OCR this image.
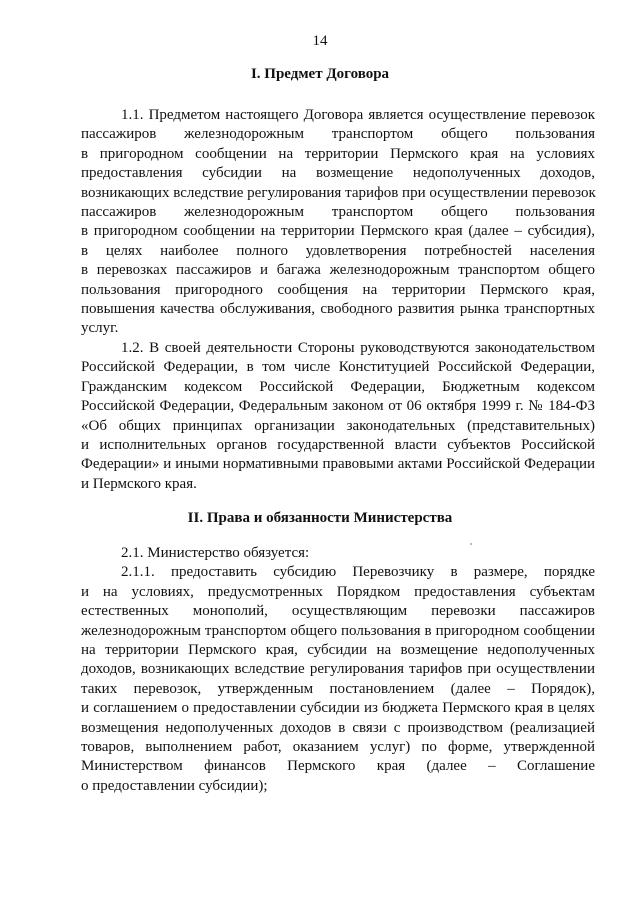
14
I. Предмет Договора

1.1. Предметом настоящего Договора является осуществление перевозок
пассажиров железнодорожным транспортом общего пользования
в пригородном сообщении на территории Пермского края на условиях
предоставления субсидии на возмещение недополученных доходов,
возникающих вследствие регулирования тарифов при осуществлении перевозок
пассажиров железнодорожным транспортом общего пользования
в пригородном сообщении на территории Пермского края (далее – субсидия),
в целях наиболее полного удовлетворения потребностей населения
в перевозках пассажиров и багажа железнодорожным транспортом общего
пользования пригородного сообщения на территории Пермского края,
повышения качества обслуживания, свободного развития рынка транспортных
услуг.

1.2. В своей деятельности Стороны руководствуются законодательством
Российской Федерации, в том числе Конституцией Российской Федерации,
Гражданским кодексом Российской Федерации, Бюджетным кодексом
Российской Федерации, Федеральным законом от 06 октября 1999 г. № 184-ФЗ
«Об общих принципах организации законодательных (представительных)
и исполнительных органов государственной власти субъектов Российской
Федерации» и иными нормативными правовыми актами Российской Федерации
и Пермского края.

II. Права и обязанности Министерства

2.1. Министерство обязуется:

2.1.1. предоставить субсидию Перевозчику в размере, порядке
и на условиях, предусмотренных Порядком предоставления субъектам
естественных монополий, осуществляющим перевозки пассажиров
железнодорожным транспортом общего пользования в пригородном сообщении
на территории Пермского края, субсидии на возмещение недополученных
доходов, возникающих вследствие регулирования тарифов при осуществлении
таких перевозок, утвержденным постановлением (далее – Порядок),
и соглашением о предоставлении субсидии из бюджета Пермского края в целях
возмещения недополученных доходов в связи с производством (реализацией
товаров, выполнением работ, оказанием услуг) по форме, утвержденной
Министерством финансов Пермского края (далее – Соглашение
о предоставлении субсидии);
